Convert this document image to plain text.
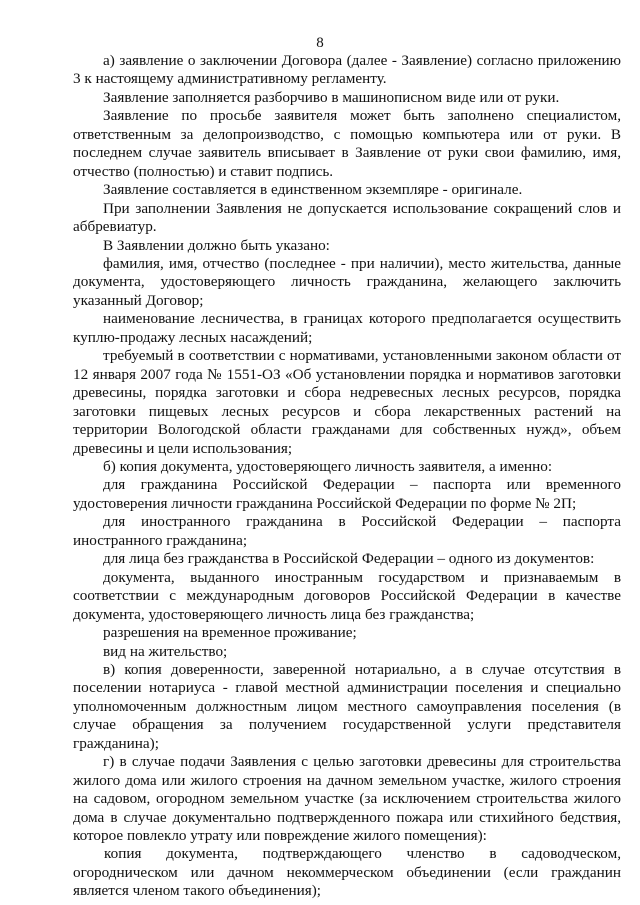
8

а) заявление о заключении Договора (далее - Заявление) согласно приложению 3 к настоящему административному регламенту.

Заявление заполняется разборчиво в машинописном виде или от руки.

Заявление по просьбе заявителя может быть заполнено специалистом, ответственным за делопроизводство, с помощью компьютера или от руки. В последнем случае заявитель вписывает в Заявление от руки свои фамилию, имя, отчество (полностью) и ставит подпись.

Заявление составляется в единственном экземпляре - оригинале.

При заполнении Заявления не допускается использование сокращений слов и аббревиатур.

В Заявлении должно быть указано:

фамилия, имя, отчество (последнее - при наличии), место жительства, данные документа, удостоверяющего личность гражданина, желающего заключить указанный Договор;

наименование лесничества, в границах которого предполагается осуществить куплю-продажу лесных насаждений;

требуемый в соответствии с нормативами, установленными законом области от 12 января 2007 года № 1551-ОЗ «Об установлении порядка и нормативов заготовки древесины, порядка заготовки и сбора недревесных лесных ресурсов, порядка заготовки пищевых лесных ресурсов и сбора лекарственных растений на территории Вологодской области гражданами для собственных нужд», объем древесины и цели использования;

б) копия документа, удостоверяющего личность заявителя, а именно:

для гражданина Российской Федерации – паспорта или временного удостоверения личности гражданина Российской Федерации по форме № 2П;

для иностранного гражданина в Российской Федерации – паспорта иностранного гражданина;

для лица без гражданства в Российской Федерации – одного из документов:

документа, выданного иностранным государством и признаваемым в соответствии с международным договоров Российской Федерации в качестве документа, удостоверяющего личность лица без гражданства;

разрешения на временное проживание;

вид на жительство;

в) копия доверенности, заверенной нотариально, а в случае отсутствия в поселении нотариуса - главой местной администрации поселения и специально уполномоченным должностным лицом местного самоуправления поселения (в случае обращения за получением государственной услуги представителя гражданина);

г) в случае подачи Заявления с целью заготовки древесины для строительства жилого дома или жилого строения на дачном земельном участке, жилого строения на садовом, огородном земельном участке (за исключением строительства жилого дома в случае документально подтвержденного пожара или стихийного бедствия, которое повлекло утрату или повреждение жилого помещения):

копия документа, подтверждающего членство в садоводческом, огородническом или дачном некоммерческом объединении (если гражданин является членом такого объединения);
